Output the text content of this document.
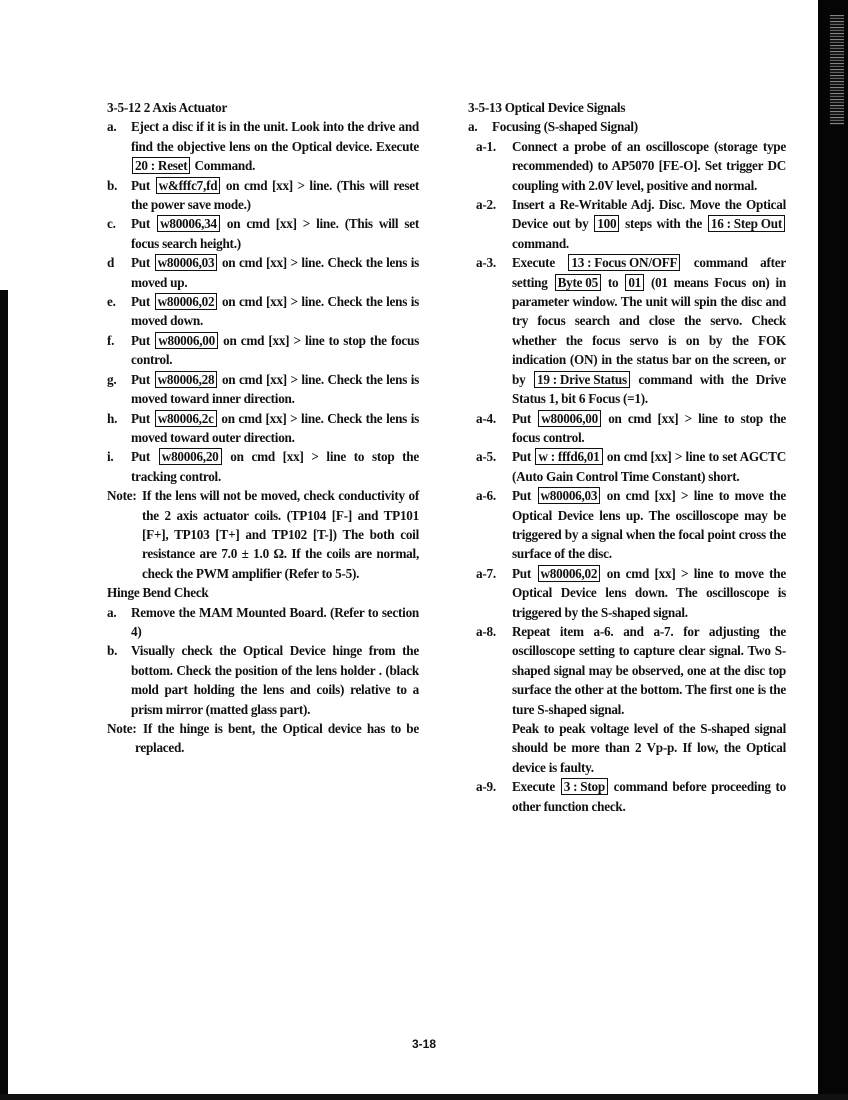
3-5-12 2 Axis Actuator
a. Eject a disc if it is in the unit. Look into the drive and find the objective lens on the Optical device. Execute 20 : Reset Command.
b. Put w&fffc7,fd on cmd [xx] > line. (This will reset the power save mode.)
c. Put w80006,34 on cmd [xx] > line. (This will set focus search height.)
d Put w80006,03 on cmd [xx] > line. Check the lens is moved up.
e. Put w80006,02 on cmd [xx] > line. Check the lens is moved down.
f. Put w80006,00 on cmd [xx] > line to stop the focus control.
g. Put w80006,28 on cmd [xx] > line. Check the lens is moved toward inner direction.
h. Put w80006,2c on cmd [xx] > line. Check the lens is moved toward outer direction.
i. Put w80006,20 on cmd [xx] > line to stop the tracking control.
Note: If the lens will not be moved, check conductivity of the 2 axis actuator coils. (TP104 [F-] and TP101 [F+], TP103 [T+] and TP102 [T-]) The both coil resistance are 7.0 ± 1.0 Ω. If the coils are normal, check the PWM amplifier (Refer to 5-5).
Hinge Bend Check
a. Remove the MAM Mounted Board. (Refer to section 4)
b. Visually check the Optical Device hinge from the bottom. Check the position of the lens holder . (black mold part holding the lens and coils) relative to a prism mirror (matted glass part).
Note: If the hinge is bent, the Optical device has to be replaced.
3-5-13 Optical Device Signals
a. Focusing (S-shaped Signal)
a-1. Connect a probe of an oscilloscope (storage type recommended) to AP5070 [FE-O]. Set trigger DC coupling with 2.0V level, positive and normal.
a-2. Insert a Re-Writable Adj. Disc. Move the Optical Device out by 100 steps with the 16 : Step Out command.
a-3. Execute 13 : Focus ON/OFF command after setting Byte 05 to 01 (01 means Focus on) in parameter window. The unit will spin the disc and try focus search and close the servo. Check whether the focus servo is on by the FOK indication (ON) in the status bar on the screen, or by 19 : Drive Status command with the Drive Status 1, bit 6 Focus (=1).
a-4. Put w80006,00 on cmd [xx] > line to stop the focus control.
a-5. Put w : fffd6,01 on cmd [xx] > line to set AGCTC (Auto Gain Control Time Constant) short.
a-6. Put w80006,03 on cmd [xx] > line to move the Optical Device lens up. The oscilloscope may be triggered by a signal when the focal point cross the surface of the disc.
a-7. Put w80006,02 on cmd [xx] > line to move the Optical Device lens down. The oscilloscope is triggered by the S-shaped signal.
a-8. Repeat item a-6. and a-7. for adjusting the oscilloscope setting to capture clear signal. Two S-shaped signal may be observed, one at the disc top surface the other at the bottom. The first one is the ture S-shaped signal.
Peak to peak voltage level of the S-shaped signal should be more than 2 Vp-p. If low, the Optical device is faulty.
a-9. Execute 3 : Stop command before proceeding to other function check.
3-18
